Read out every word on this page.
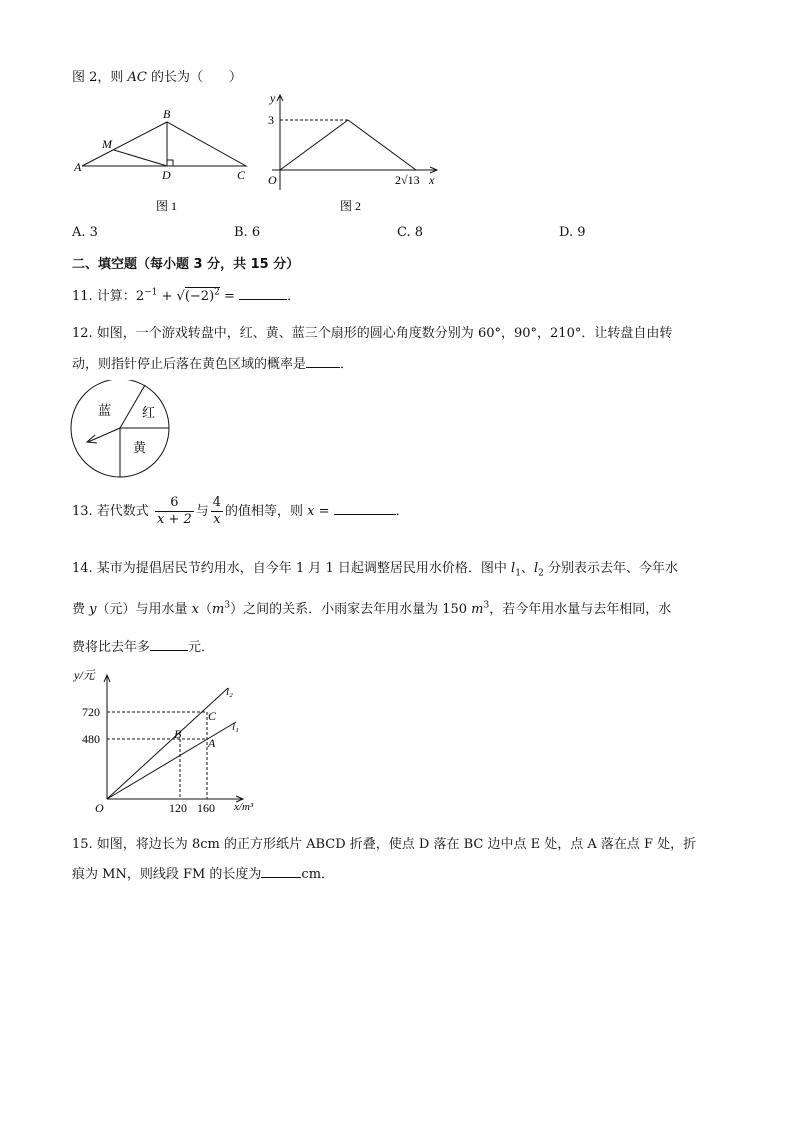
图 2，则 AC 的长为（　　）
B
M
A
D	C
图 1
y
3
O	2√13 x
图 2
A. 3	B. 6	C. 8	D. 9
二、填空题（每小题 3 分，共 15 分）
11. 计算：$2^{-1} + √(-2)^2$ =	．
12. 如图，一个游戏转盘中，红、黄、蓝三个扇形的圆心角度数分别为 60°，90°，210°．让转盘自由转
动，则指针停止后落在黄色区域的概率是	．
蓝 红
黄
13. 若代数式 $\frac{6}{x + 2}$ 与 $\frac{4}{x}$ 的值相等，则 x =	．
14. 某市为提倡居民节约用水，自今年 1 月 1 日起调整居民用水价格．图中 $l_1$、$l_2$ 分别表示去年、今年水
费 y（元）与用水量 $x(m^3)$之间的关系．小雨家去年用水量为 150 $m^3$，若今年用水量与去年相同，水
费将比去年多	元．
y/元
720
480
O	120 160 x/m³
l₂
l₁
B
C
A
15. 如图，将边长为 8cm 的正方形纸片 ABCD 折叠，使点 D 落在 BC 边中点 E 处，点 A 落在点 F 处，折
痕为 MN，则线段 FM 的长度为	cm．
